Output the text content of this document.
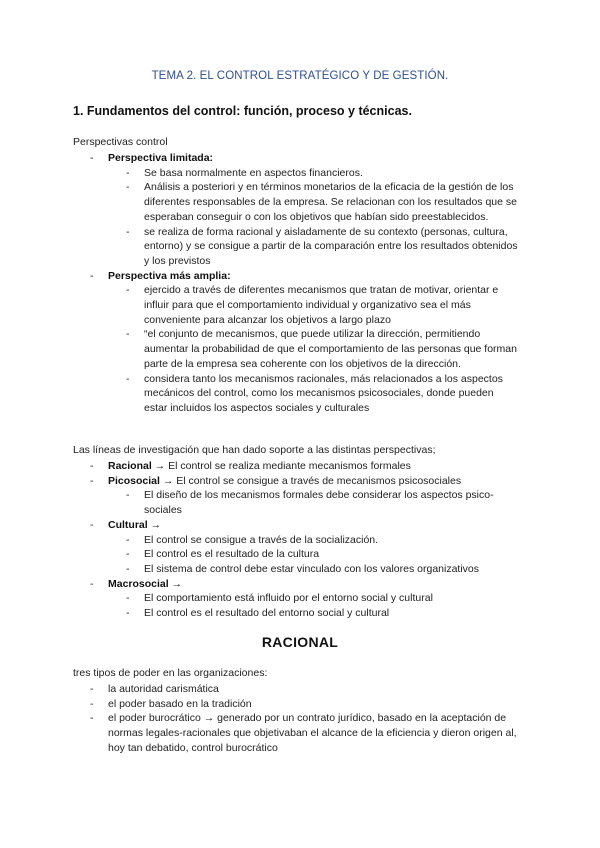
TEMA 2. EL CONTROL ESTRATÉGICO Y DE GESTIÓN.
1. Fundamentos del control: función, proceso y técnicas.
Perspectivas control
- Perspectiva limitada:
- Se basa normalmente en aspectos financieros.
- Análisis a posteriori y en términos monetarios de la eficacia de la gestión de los diferentes responsables de la empresa. Se relacionan con los resultados que se esperaban conseguir o con los objetivos que habían sido preestablecidos.
- se realiza de forma racional y aisladamente de su contexto (personas, cultura, entorno) y se consigue a partir de la comparación entre los resultados obtenidos y los previstos
- Perspectiva más amplia:
- ejercido a través de diferentes mecanismos que tratan de motivar, orientar e influir para que el comportamiento individual y organizativo sea el más conveniente para alcanzar los objetivos a largo plazo
- “el conjunto de mecanismos, que puede utilizar la dirección, permitiendo aumentar la probabilidad de que el comportamiento de las personas que forman parte de la empresa sea coherente con los objetivos de la dirección.
- considera tanto los mecanismos racionales, más relacionados a los aspectos mecánicos del control, como los mecanismos psicosociales, donde pueden estar incluidos los aspectos sociales y culturales
Las líneas de investigación que han dado soporte a las distintas perspectivas;
- Racional → El control se realiza mediante mecanismos formales
- Picosocial → El control se consigue a través de mecanismos psicosociales
- El diseño de los mecanismos formales debe considerar los aspectos psico-sociales
- Cultural →
- El control se consigue a través de la socialización.
- El control es el resultado de la cultura
- El sistema de control debe estar vinculado con los valores organizativos
- Macrosocial →
- El comportamiento está influido por el entorno social y cultural
- El control es el resultado del entorno social y cultural
RACIONAL
tres tipos de poder en las organizaciones:
- la autoridad carismática
- el poder basado en la tradición
- el poder burocrático → generado por un contrato jurídico, basado en la aceptación de normas legales-racionales que objetivaban el alcance de la eficiencia y dieron origen al, hoy tan debatido, control burocrático
